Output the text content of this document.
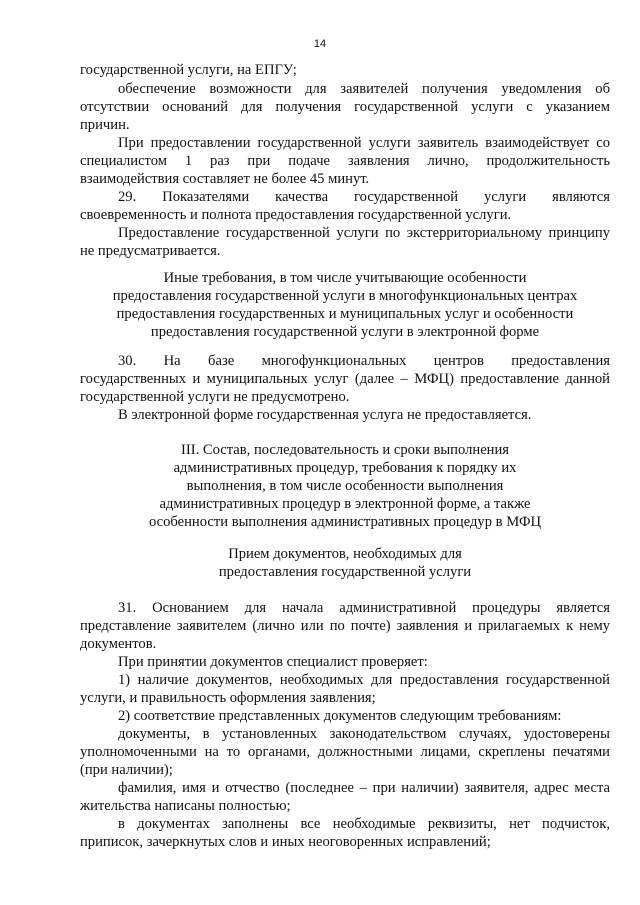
14
государственной услуги, на ЕПГУ;
обеспечение возможности для заявителей получения уведомления об
отсутствии оснований для получения государственной услуги с указанием
причин.
При предоставлении государственной услуги заявитель взаимодействует со
специалистом 1 раз при подаче заявления лично, продолжительность
взаимодействия составляет не более 45 минут.
29. Показателями качества государственной услуги являются
своевременность и полнота предоставления государственной услуги.
Предоставление государственной услуги по экстерриториальному принципу
не предусматривается.
Иные требования, в том числе учитывающие особенности
предоставления государственной услуги в многофункциональных центрах
предоставления государственных и муниципальных услуг и особенности
предоставления государственной услуги в электронной форме
30. На базе многофункциональных центров предоставления
государственных и муниципальных услуг (далее – МФЦ) предоставление данной
государственной услуги не предусмотрено.
В электронной форме государственная услуга не предоставляется.
III. Состав, последовательность и сроки выполнения
административных процедур, требования к порядку их
выполнения, в том числе особенности выполнения
административных процедур в электронной форме, а также
особенности выполнения административных процедур в МФЦ
Прием документов, необходимых для
предоставления государственной услуги
31. Основанием для начала административной процедуры является
представление заявителем (лично или по почте) заявления и прилагаемых к нему
документов.
При принятии документов специалист проверяет:
1) наличие документов, необходимых для предоставления государственной
услуги, и правильность оформления заявления;
2) соответствие представленных документов следующим требованиям:
документы, в установленных законодательством случаях, удостоверены
уполномоченными на то органами, должностными лицами, скреплены печатями
(при наличии);
фамилия, имя и отчество (последнее – при наличии) заявителя, адрес места
жительства написаны полностью;
в документах заполнены все необходимые реквизиты, нет подчисток,
приписок, зачеркнутых слов и иных неоговоренных исправлений;
